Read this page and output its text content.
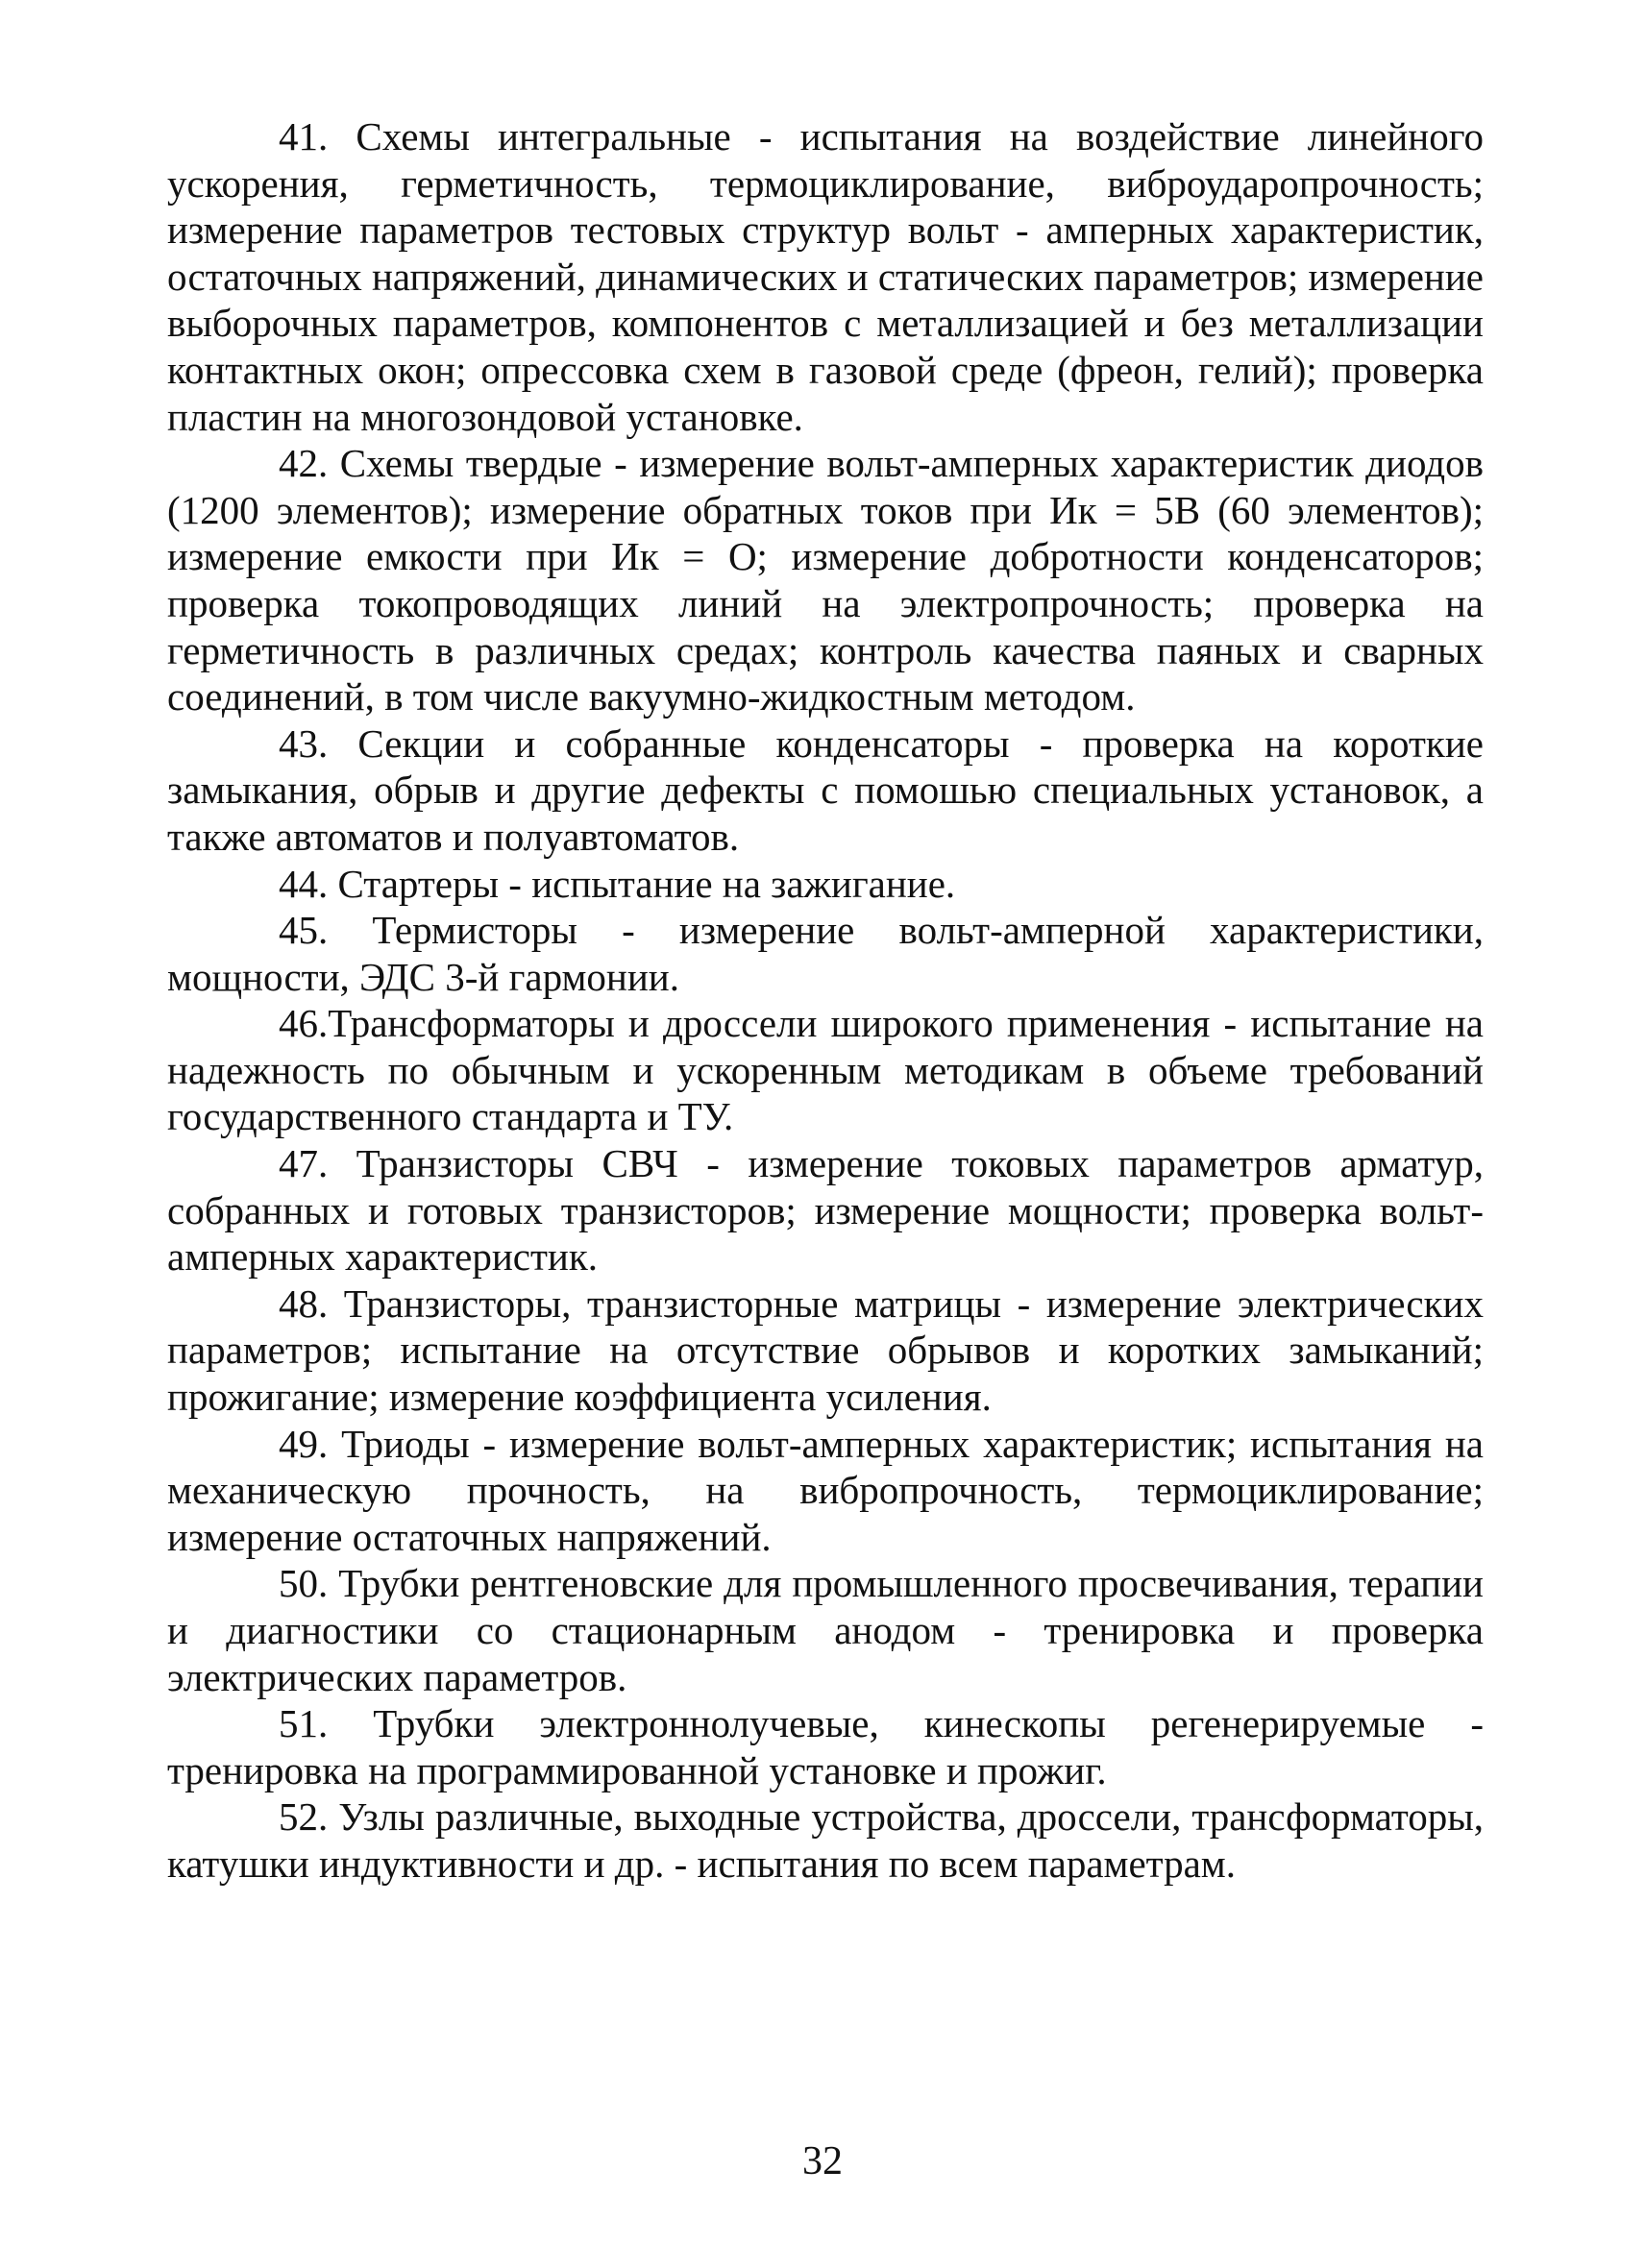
41. Схемы интегральные - испытания на воздействие линейного ускорения, герметичность, термоциклирование, виброударопрочность; измерение параметров тестовых структур вольт - амперных характеристик, остаточных напряжений, динамических и статических параметров; измерение выборочных параметров, компонентов с металлизацией и без металлизации контактных окон; опрессовка схем в газовой среде (фреон, гелий); проверка пластин на многозондовой установке.

42. Схемы твердые - измерение вольт-амперных характеристик диодов (1200 элементов); измерение обратных токов при Ик = 5В (60 элементов); измерение емкости при Ик = О; измерение добротности конденсаторов; проверка токопроводящих линий на электропрочность; проверка на герметичность в различных средах; контроль качества паяных и сварных соединений, в том числе вакуумно-жидкостным методом.

43. Секции и собранные конденсаторы - проверка на короткие замыкания, обрыв и другие дефекты с помошью специальных установок, а также автоматов и полуавтоматов.

44. Стартеры - испытание на зажигание.

45. Термисторы - измерение вольт-амперной характеристики, мощности, ЭДС 3-й гармонии.

46.Трансформаторы и дроссели широкого применения - испытание на надежность по обычным и ускоренным методикам в объеме требований государственного стандарта и ТУ.

47. Транзисторы СВЧ - измерение токовых параметров арматур, собранных и готовых транзисторов; измерение мощности; проверка вольт-амперных характеристик.

48. Транзисторы, транзисторные матрицы - измерение электрических параметров; испытание на отсутствие обрывов и коротких замыканий; прожигание; измерение коэффициента усиления.

49. Триоды - измерение вольт-амперных характеристик; испытания на механическую прочность, на вибропрочность, термоциклирование; измерение остаточных напряжений.

50. Трубки рентгеновские для промышленного просвечивания, терапии и диагностики со стационарным анодом - тренировка и проверка электрических параметров.

51. Трубки электроннолучевые, кинескопы регенерируемые - тренировка на программированной установке и прожиг.

52. Узлы различные, выходные устройства, дроссели, трансформаторы, катушки индуктивности и др. - испытания по всем параметрам.

32
